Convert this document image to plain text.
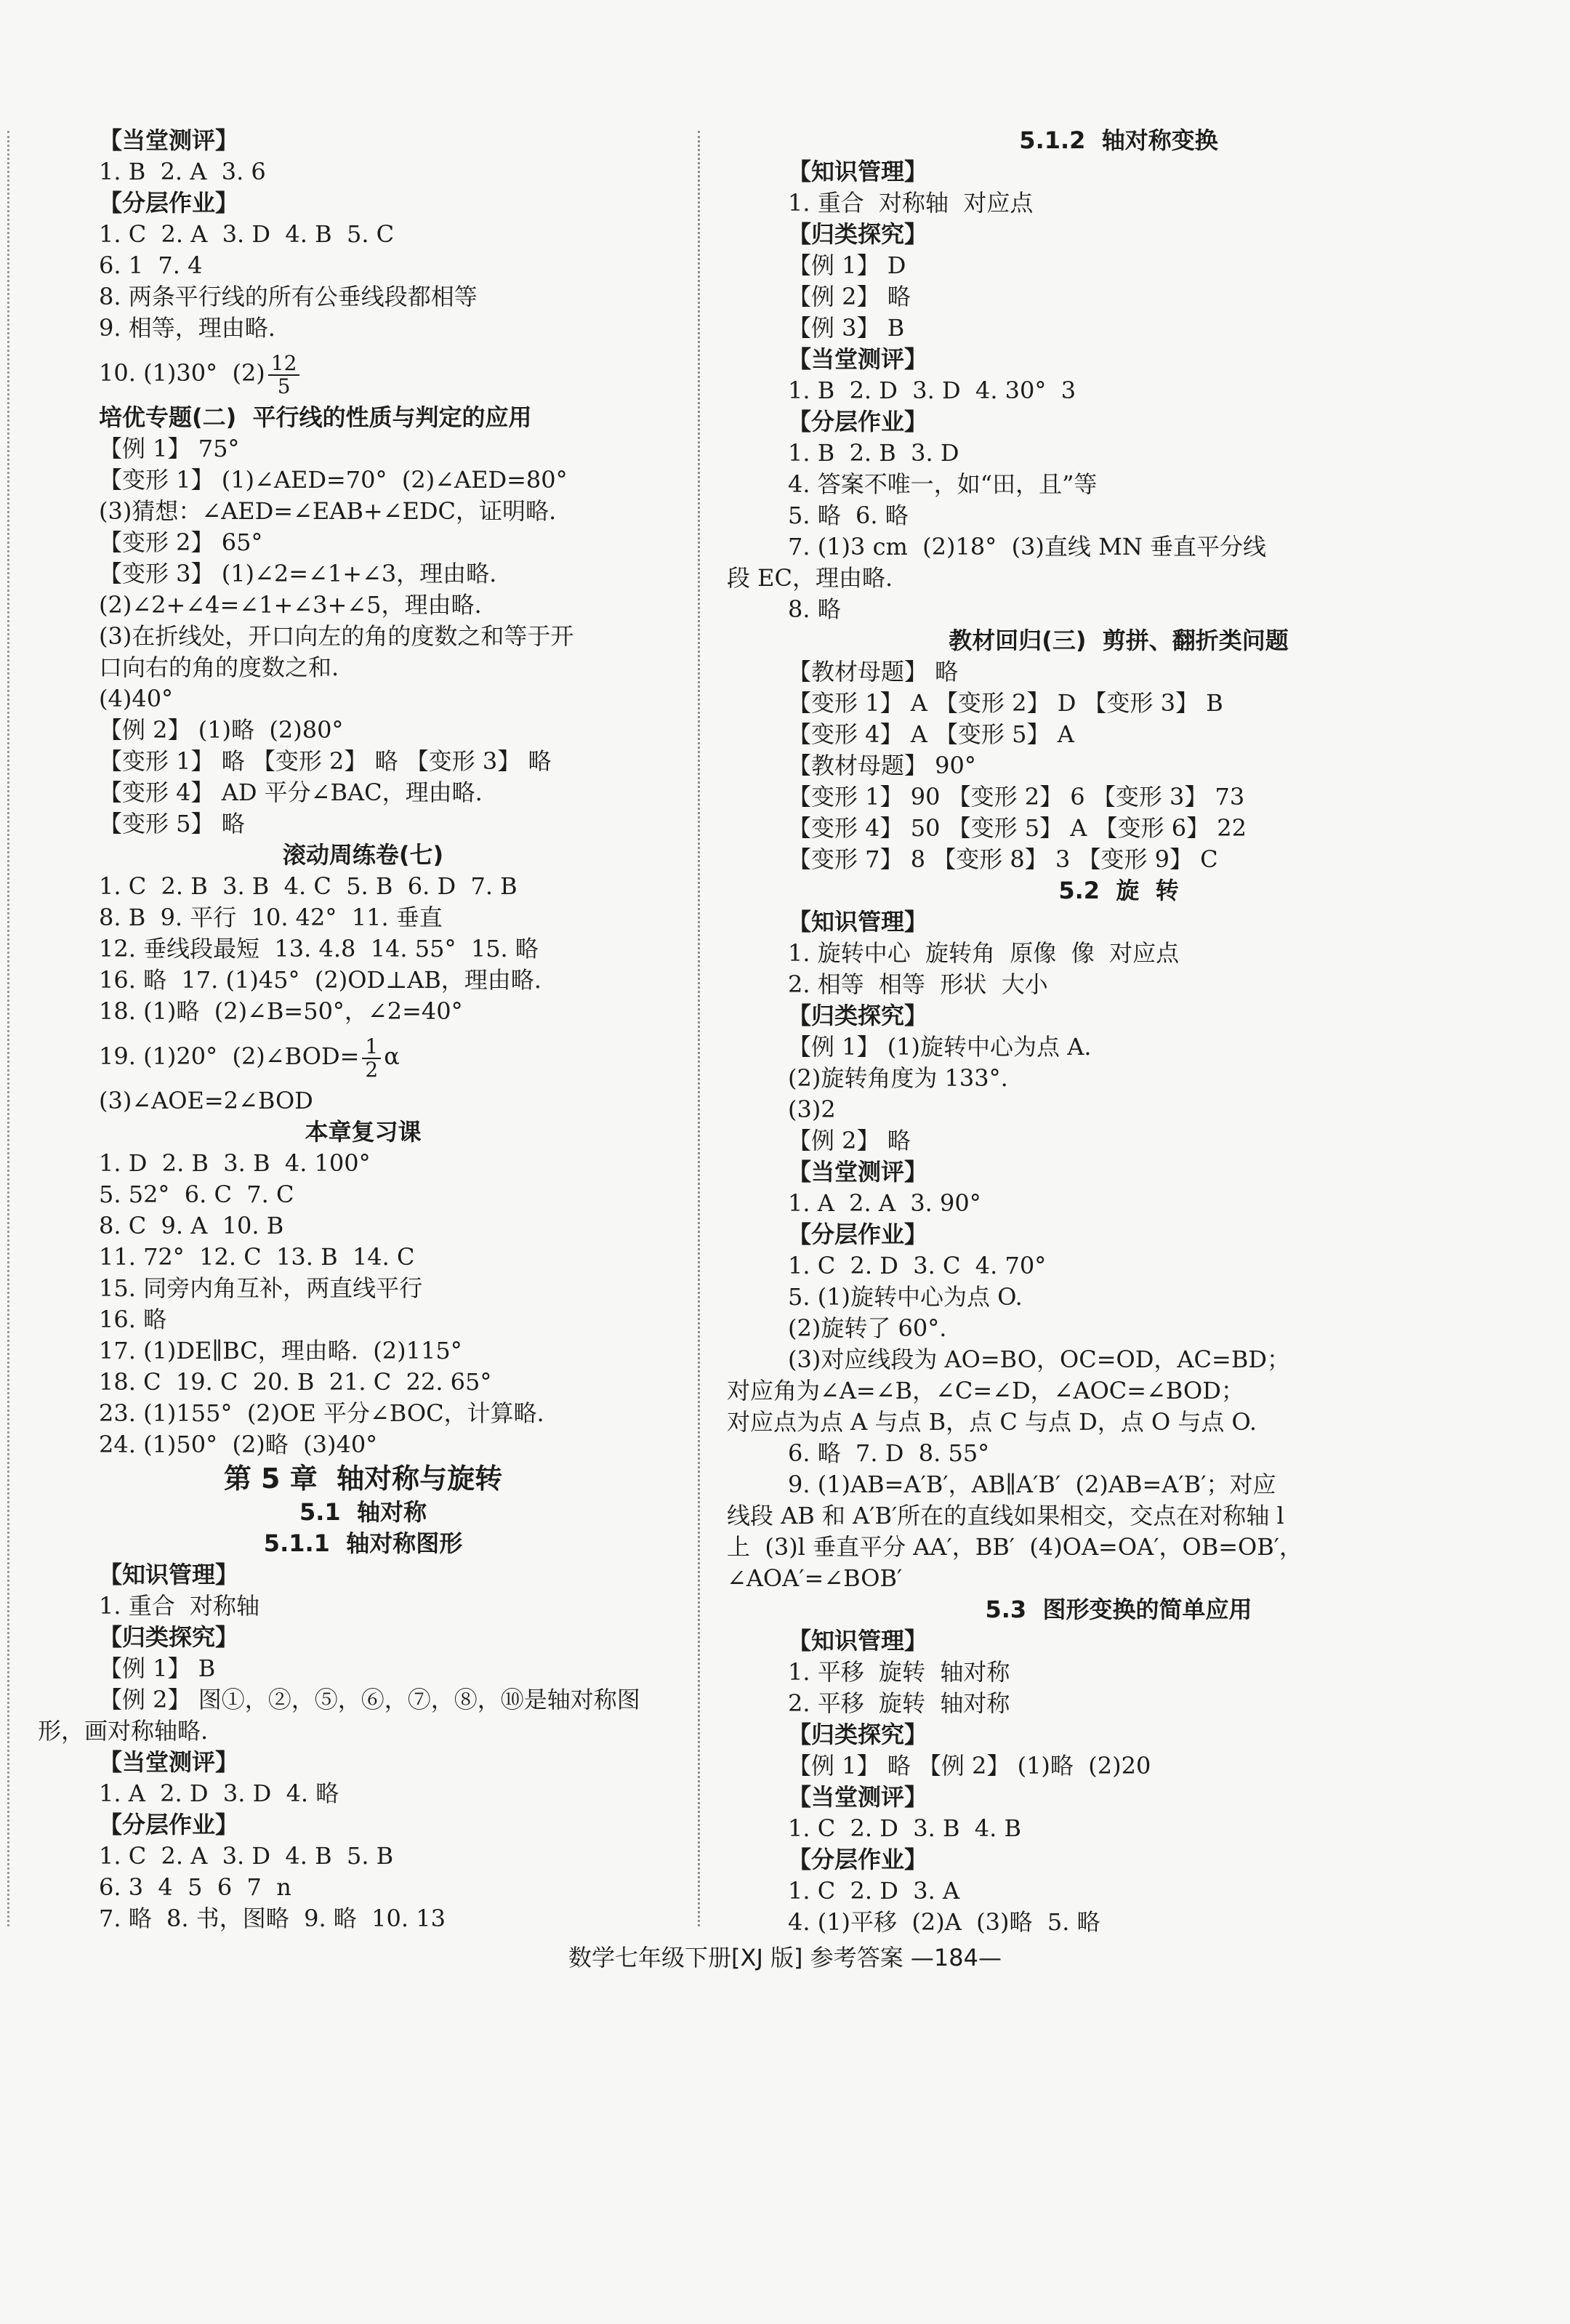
【当堂测评】
1. B  2. A  3. 6
【分层作业】
1. C  2. A  3. D  4. B  5. C
6. 1  7. 4
8. 两条平行线的所有公垂线段都相等
9. 相等，理由略.
10. (1)30°  $(2) \frac{12}{5}$
培优专题(二)  平行线的性质与判定的应用
【例 1】 75°
【变形 1】 (1)∠AED=70°  (2)∠AED=80°
(3)猜想：∠AED=∠EAB+∠EDC，证明略.
【变形 2】 65°
【变形 3】 (1)∠2=∠1+∠3，理由略.
(2)∠2+∠4=∠1+∠3+∠5，理由略.
(3)在折线处，开口向左的角的度数之和等于开
口向右的角的度数之和.
(4)40°
【例 2】 (1)略  (2)80°
【变形 1】 略 【变形 2】 略 【变形 3】 略
【变形 4】 AD 平分∠BAC，理由略.
【变形 5】 略
滚动周练卷(七)
1. C  2. B  3. B  4. C  5. B  6. D  7. B
8. B  9. 平行  10. 42°  11. 垂直
12. 垂线段最短  13. 4.8  14. 55°  15. 略
16. 略  17. (1)45°  (2)OD⊥AB，理由略.
18. (1)略  (2)∠B=50°，∠2=40°
19. (1)20°  (2)∠BOD= $\frac{1}{2}$ α
(3)∠AOE=2∠BOD
本章复习课
1. D  2. B  3. B  4. 100°
5. 52°  6. C  7. C
8. C  9. A  10. B
11. 72°  12. C  13. B  14. C
15. 同旁内角互补，两直线平行
16. 略
17. (1)DE∥BC，理由略.  (2)115°
18. C  19. C  20. B  21. C  22. 65°
23. (1)155°  (2)OE 平分∠BOC，计算略.
24. (1)50°  (2)略  (3)40°
第 5 章  轴对称与旋转
5.1  轴对称
5.1.1  轴对称图形
【知识管理】
1. 重合  对称轴
【归类探究】
【例 1】 B
【例 2】 图①，②，⑤，⑥，⑦，⑧，⑩是轴对称图
形，画对称轴略.
【当堂测评】
1. A  2. D  3. D  4. 略
【分层作业】
1. C  2. A  3. D  4. B  5. B
6. 3  4  5  6  7  n
7. 略  8. 书，图略  9. 略  10. 13
5.1.2  轴对称变换
【知识管理】
1. 重合  对称轴  对应点
【归类探究】
【例 1】 D
【例 2】 略
【例 3】 B
【当堂测评】
1. B  2. D  3. D  4. 30°  3
【分层作业】
1. B  2. B  3. D
4. 答案不唯一，如“田，且”等
5. 略  6. 略
7. (1)3 cm  (2)18°  (3)直线 MN 垂直平分线
段 EC，理由略.
8. 略
教材回归(三)  剪拼、翻折类问题
【教材母题】 略
【变形 1】 A 【变形 2】 D 【变形 3】 B
【变形 4】 A 【变形 5】 A
【教材母题】 90°
【变形 1】 90 【变形 2】 6 【变形 3】 73
【变形 4】 50 【变形 5】 A 【变形 6】 22
【变形 7】 8 【变形 8】 3 【变形 9】 C
5.2  旋  转
【知识管理】
1. 旋转中心  旋转角  原像  像  对应点
2. 相等  相等  形状  大小
【归类探究】
【例 1】 (1)旋转中心为点 A.
(2)旋转角度为 133°.
(3)2
【例 2】 略
【当堂测评】
1. A  2. A  3. 90°
【分层作业】
1. C  2. D  3. C  4. 70°
5. (1)旋转中心为点 O.
(2)旋转了 60°.
(3)对应线段为 AO=BO，OC=OD，AC=BD；
对应角为∠A=∠B，∠C=∠D，∠AOC=∠BOD；
对应点为点 A 与点 B，点 C 与点 D，点 O 与点 O.
6. 略  7. D  8. 55°
9. (1)AB=A′B′，AB∥A′B′  (2)AB=A′B′；对应
线段 AB 和 A′B′所在的直线如果相交，交点在对称轴 l
上  (3)l 垂直平分 AA′，BB′  (4)OA=OA′，OB=OB′，
∠AOA′=∠BOB′
5.3  图形变换的简单应用
【知识管理】
1. 平移  旋转  轴对称
2. 平移  旋转  轴对称
【归类探究】
【例 1】 略 【例 2】 (1)略  (2)20
【当堂测评】
1. C  2. D  3. B  4. B
【分层作业】
1. C  2. D  3. A
4. (1)平移  (2)A  (3)略  5. 略
数学七年级下册[XJ 版] 参考答案 —184—
